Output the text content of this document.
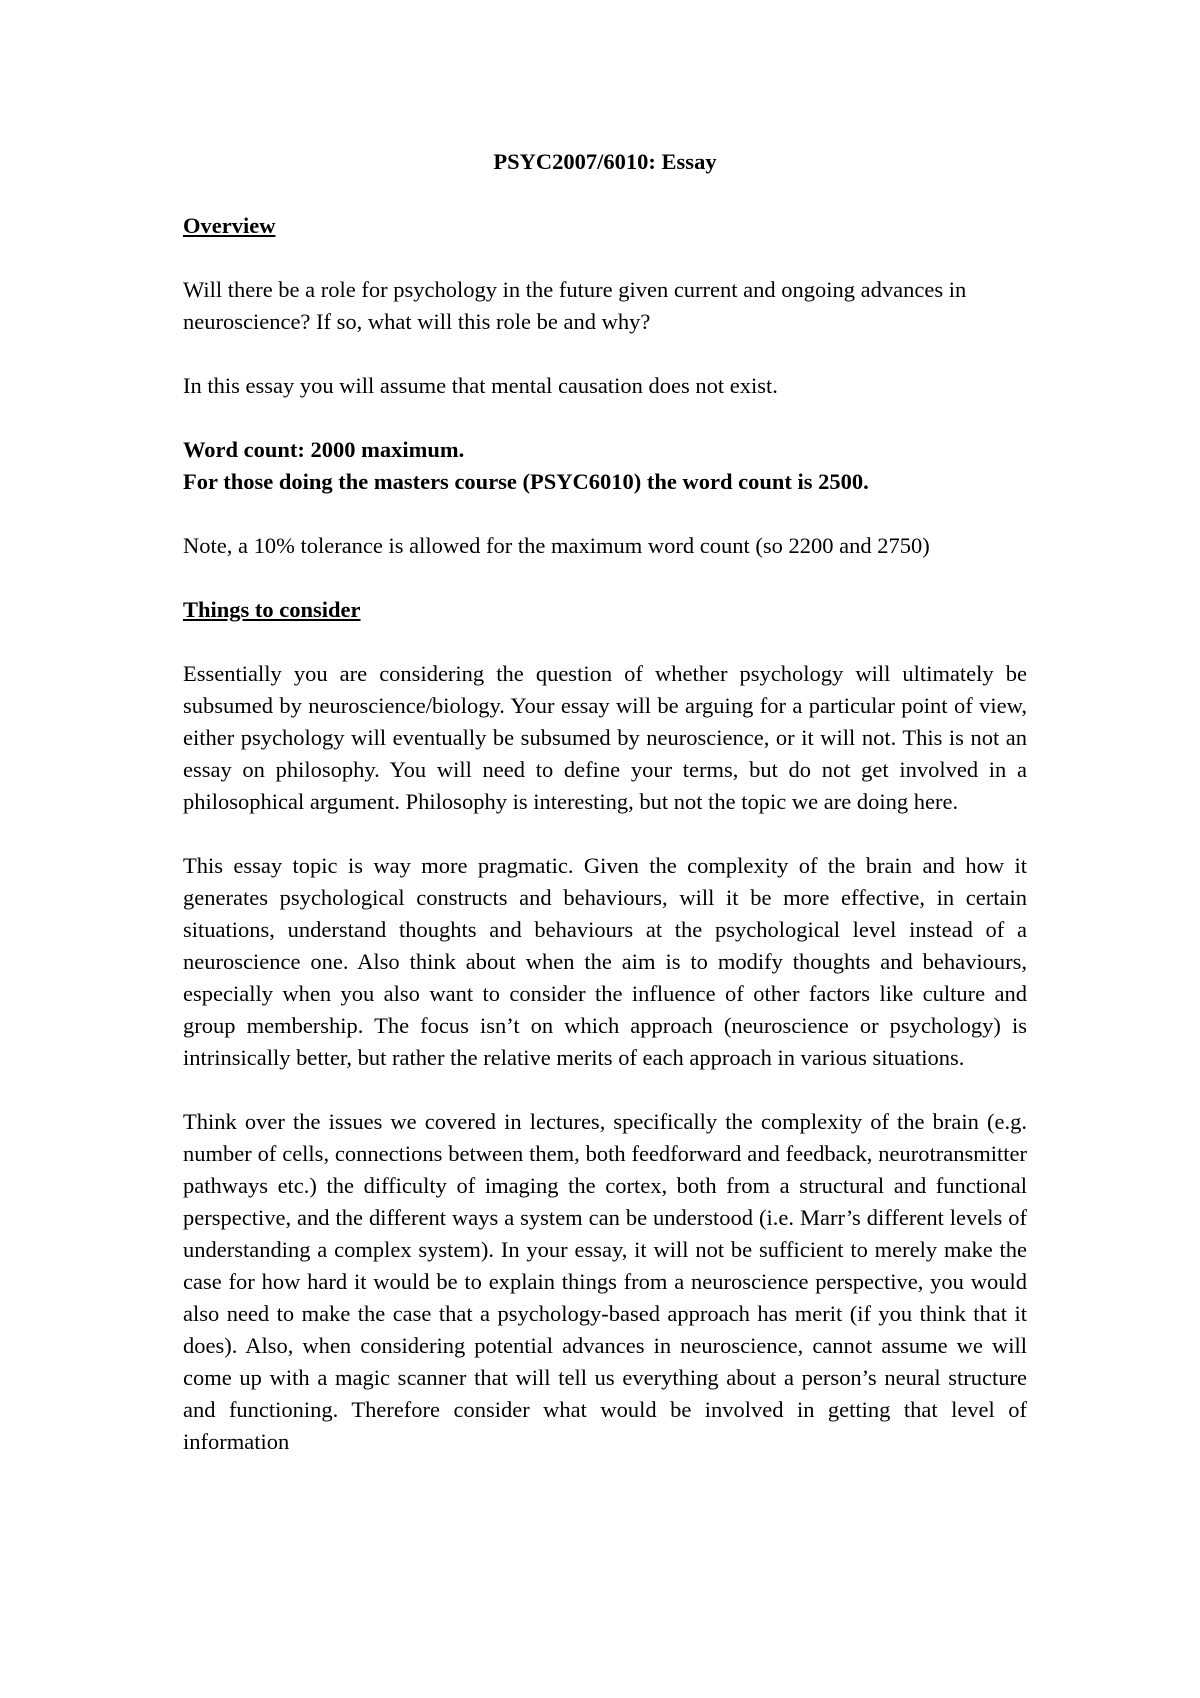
PSYC2007/6010: Essay

Overview

Will there be a role for psychology in the future given current and ongoing advances in neuroscience? If so, what will this role be and why?

In this essay you will assume that mental causation does not exist.

Word count: 2000 maximum.

For those doing the masters course (PSYC6010) the word count is 2500.

Note, a 10% tolerance is allowed for the maximum word count (so 2200 and 2750)

Things to consider

Essentially you are considering the question of whether psychology will ultimately be subsumed by neuroscience/biology. Your essay will be arguing for a particular point of view, either psychology will eventually be subsumed by neuroscience, or it will not. This is not an essay on philosophy. You will need to define your terms, but do not get involved in a philosophical argument. Philosophy is interesting, but not the topic we are doing here.

This essay topic is way more pragmatic. Given the complexity of the brain and how it generates psychological constructs and behaviours, will it be more effective, in certain situations, understand thoughts and behaviours at the psychological level instead of a neuroscience one. Also think about when the aim is to modify thoughts and behaviours, especially when you also want to consider the influence of other factors like culture and group membership. The focus isn’t on which approach (neuroscience or psychology) is intrinsically better, but rather the relative merits of each approach in various situations.

Think over the issues we covered in lectures, specifically the complexity of the brain (e.g. number of cells, connections between them, both feedforward and feedback, neurotransmitter pathways etc.) the difficulty of imaging the cortex, both from a structural and functional perspective, and the different ways a system can be understood (i.e. Marr’s different levels of understanding a complex system). In your essay, it will not be sufficient to merely make the case for how hard it would be to explain things from a neuroscience perspective, you would also need to make the case that a psychology-based approach has merit (if you think that it does). Also, when considering potential advances in neuroscience, cannot assume we will come up with a magic scanner that will tell us everything about a person’s neural structure and functioning. Therefore consider what would be involved in getting that level of information
